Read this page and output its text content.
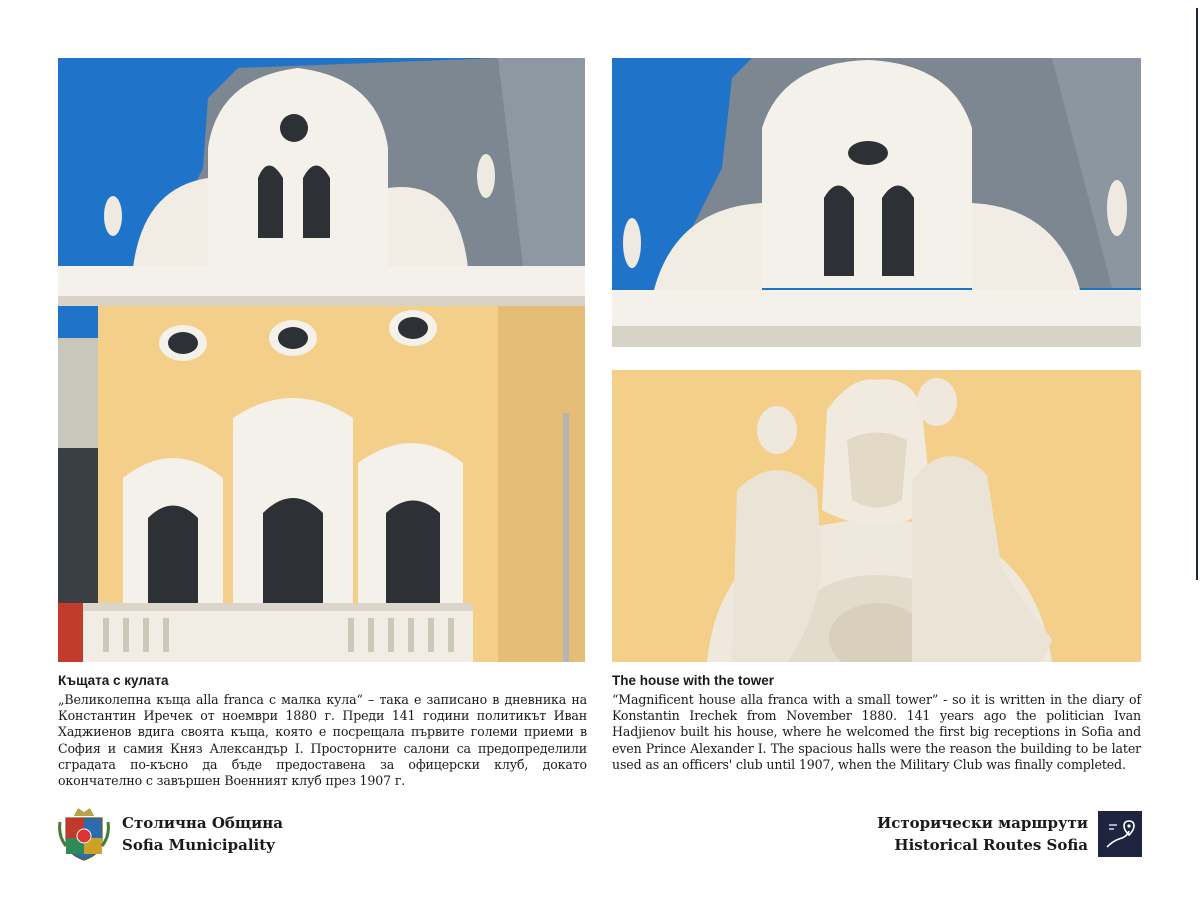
Къщата с кулата

„Великолепна къща alla franca с малка кула“ – така е записано в дневника на Константин Иречек от ноември 1880 г. Преди 141 години политикът Иван Хаджиенов вдига своята къща, която е посрещала първите големи приеми в София и самия Княз Александър I. Просторните салони са предопределили сградата по-късно да бъде предоставена за офицерски клуб, докато окончателно с завършен Военният клуб през 1907 г.

The house with the tower

“Magnificent house alla franca with a small tower” - so it is written in the diary of Konstantin Irechek from November 1880. 141 years ago the politician Ivan Hadjienov built his house, where he welcomed the first big receptions in Sofia and even Prince Alexander I. The spacious halls were the reason the building to be later used as an officers' club until 1907, when the Military Club was finally completed.

Столична Община
Sofia Municipality
Исторически маршрути
Historical Routes Sofia
